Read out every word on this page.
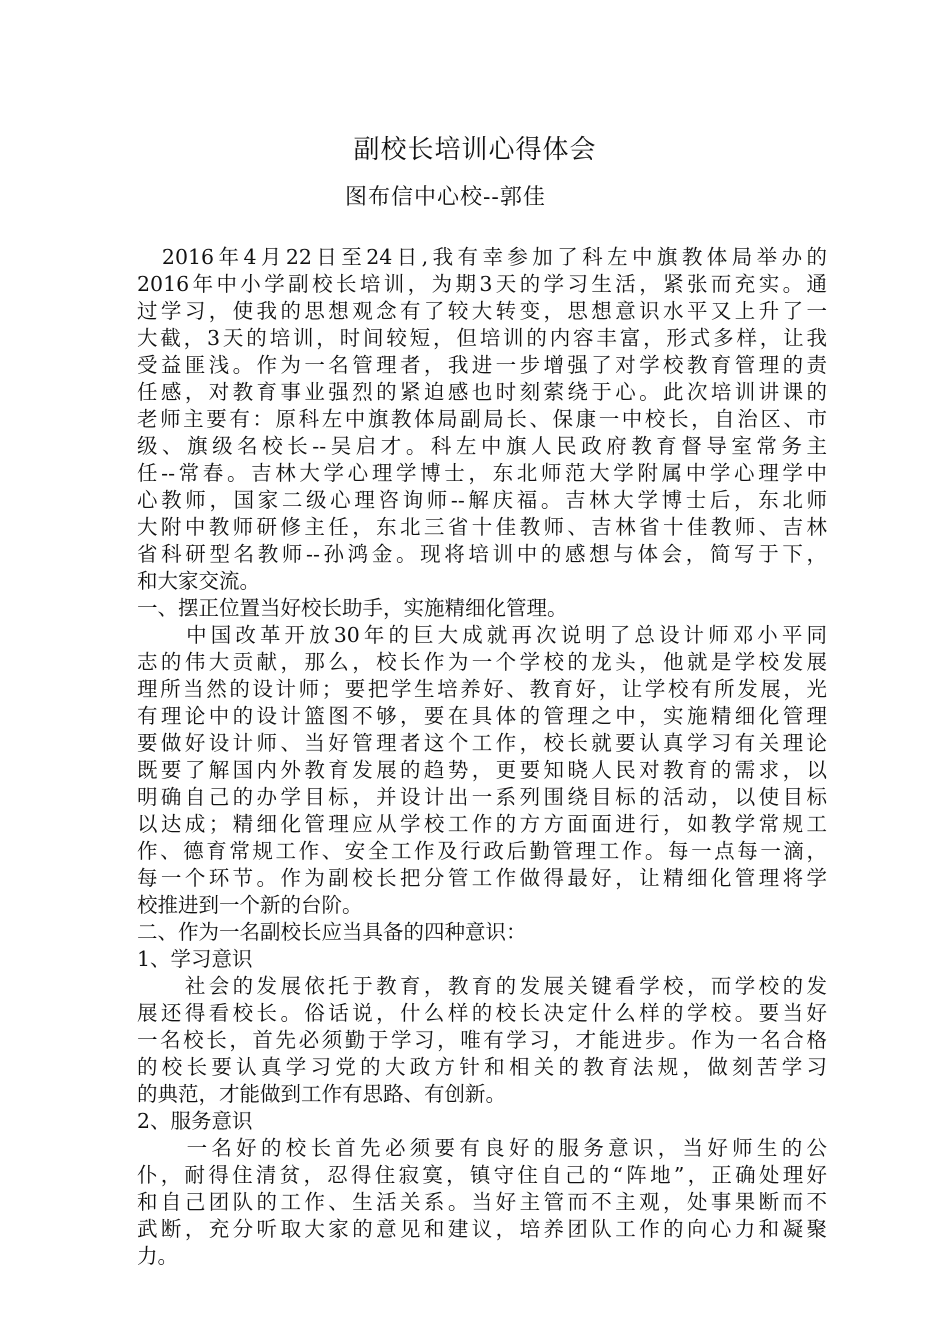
副校长培训心得体会
图布信中心校--郭佳
　2016年4月22日至24日,我有幸参加了科左中旗教体局举办的
2016年中小学副校长培训，为期3天的学习生活，紧张而充实。通
过学习，使我的思想观念有了较大转变，思想意识水平又上升了一
大截，3天的培训，时间较短，但培训的内容丰富，形式多样，让我
受益匪浅。作为一名管理者，我进一步增强了对学校教育管理的责
任感，对教育事业强烈的紧迫感也时刻萦绕于心。此次培训讲课的
老师主要有：原科左中旗教体局副局长、保康一中校长，自治区、市
级、旗级名校长--吴启才。科左中旗人民政府教育督导室常务主
任--常春。吉林大学心理学博士，东北师范大学附属中学心理学中
心教师，国家二级心理咨询师--解庆福。吉林大学博士后，东北师
大附中教师研修主任，东北三省十佳教师、吉林省十佳教师、吉林
省科研型名教师--孙鸿金。现将培训中的感想与体会，简写于下，
和大家交流。
一、摆正位置当好校长助手，实施精细化管理。
　　中国改革开放30年的巨大成就再次说明了总设计师邓小平同
志的伟大贡献，那么，校长作为一个学校的龙头，他就是学校发展
理所当然的设计师；要把学生培养好、教育好，让学校有所发展，光
有理论中的设计篮图不够，要在具体的管理之中，实施精细化管理
要做好设计师、当好管理者这个工作，校长就要认真学习有关理论
既要了解国内外教育发展的趋势，更要知晓人民对教育的需求，以
明确自己的办学目标，并设计出一系列围绕目标的活动，以使目标
以达成；精细化管理应从学校工作的方方面面进行，如教学常规工
作、德育常规工作、安全工作及行政后勤管理工作。每一点每一滴，
每一个环节。作为副校长把分管工作做得最好，让精细化管理将学
校推进到一个新的台阶。
二、作为一名副校长应当具备的四种意识：
1、学习意识
　　社会的发展依托于教育，教育的发展关键看学校，而学校的发
展还得看校长。俗话说，什么样的校长决定什么样的学校。要当好
一名校长，首先必须勤于学习，唯有学习，才能进步。作为一名合格
的校长要认真学习党的大政方针和相关的教育法规，做刻苦学习
的典范，才能做到工作有思路、有创新。
2、服务意识
　　一名好的校长首先必须要有良好的服务意识，当好师生的公
仆，耐得住清贫，忍得住寂寞，镇守住自己的“阵地”，正确处理好
和自己团队的工作、生活关系。当好主管而不主观，处事果断而不
武断，充分听取大家的意见和建议，培养团队工作的向心力和凝聚
力。
